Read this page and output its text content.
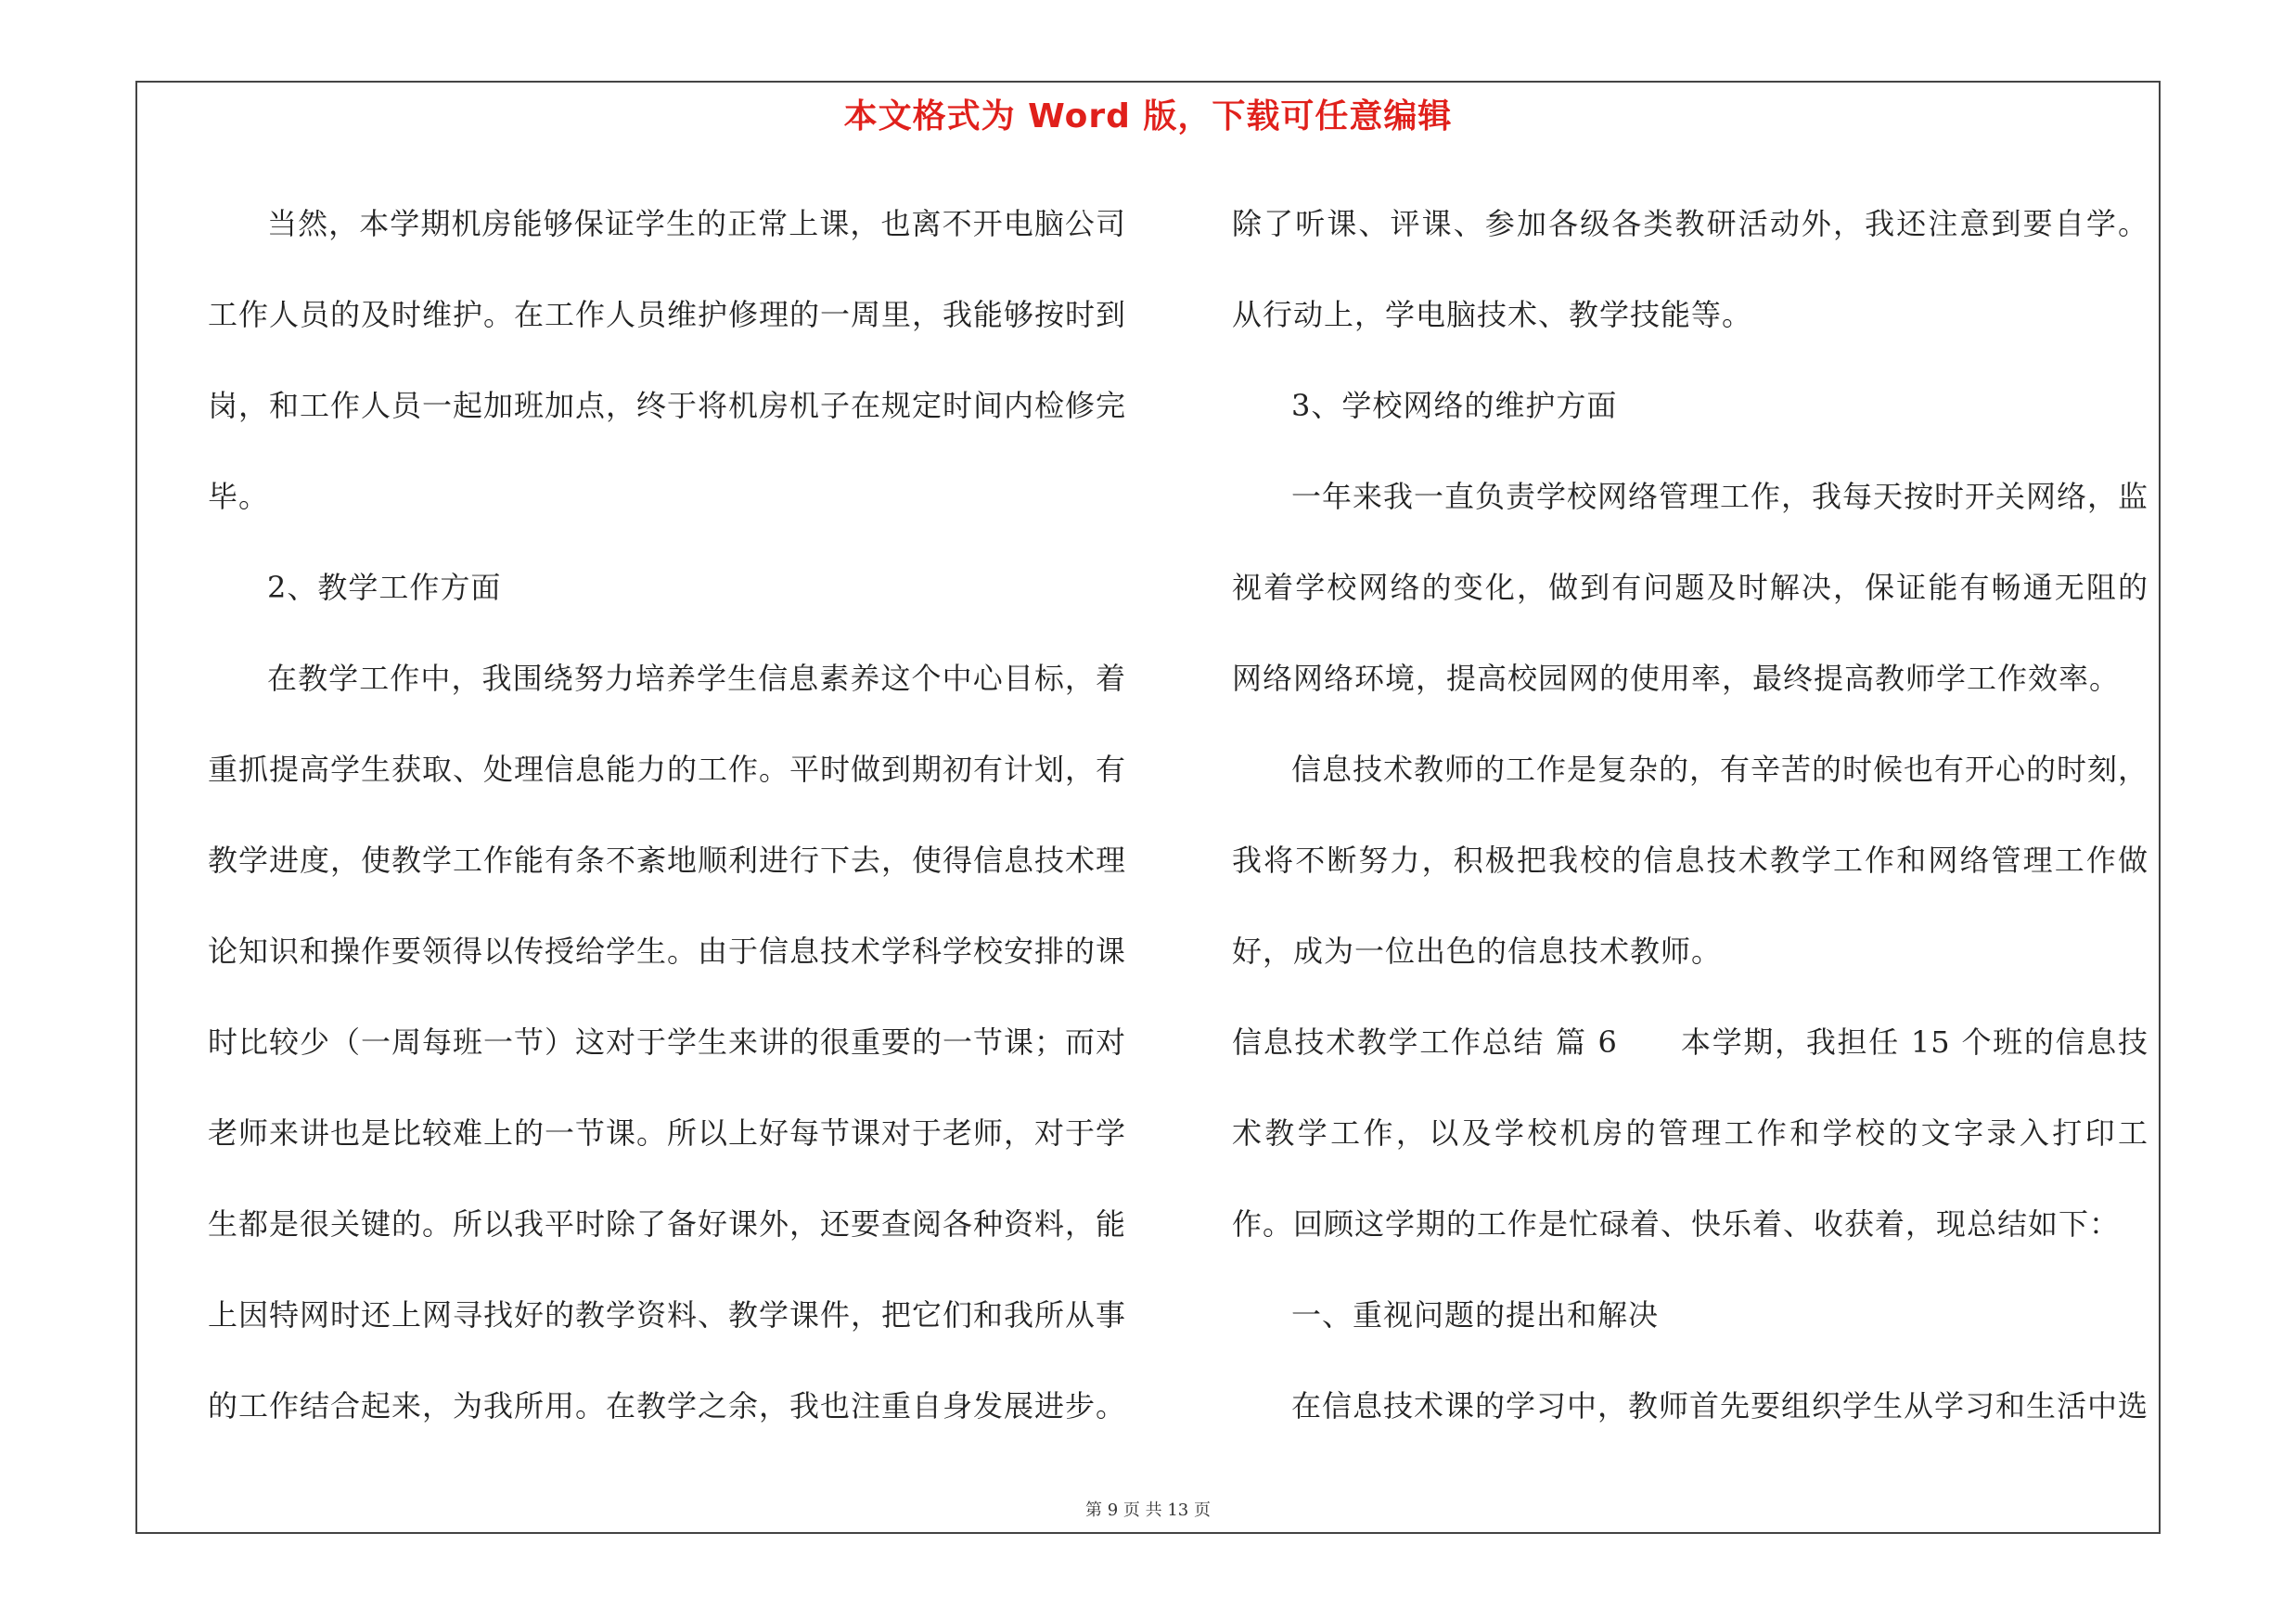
本文格式为 Word 版，下载可任意编辑

当然，本学期机房能够保证学生的正常上课，也离不开电脑公司工作人员的及时维护。在工作人员维护修理的一周里，我能够按时到岗，和工作人员一起加班加点，终于将机房机子在规定时间内检修完毕。

2、教学工作方面

在教学工作中，我围绕努力培养学生信息素养这个中心目标，着重抓提高学生获取、处理信息能力的工作。平时做到期初有计划，有教学进度，使教学工作能有条不紊地顺利进行下去，使得信息技术理论知识和操作要领得以传授给学生。由于信息技术学科学校安排的课时比较少（一周每班一节）这对于学生来讲的很重要的一节课；而对老师来讲也是比较难上的一节课。所以上好每节课对于老师，对于学生都是很关键的。所以我平时除了备好课外，还要查阅各种资料，能上因特网时还上网寻找好的教学资料、教学课件，把它们和我所从事的工作结合起来，为我所用。在教学之余，我也注重自身发展进步。

除了听课、评课、参加各级各类教研活动外，我还注意到要自学。从行动上，学电脑技术、教学技能等。

3、学校网络的维护方面

一年来我一直负责学校网络管理工作，我每天按时开关网络，监视着学校网络的变化，做到有问题及时解决，保证能有畅通无阻的网络网络环境，提高校园网的使用率，最终提高教师学工作效率。

信息技术教师的工作是复杂的，有辛苦的时候也有开心的时刻，我将不断努力，积极把我校的信息技术教学工作和网络管理工作做好，成为一位出色的信息技术教师。

信息技术教学工作总结 篇 6　　本学期，我担任 15 个班的信息技术教学工作，以及学校机房的管理工作和学校的文字录入打印工作。回顾这学期的工作是忙碌着、快乐着、收获着，现总结如下：

一、重视问题的提出和解决

在信息技术课的学习中，教师首先要组织学生从学习和生活中选

第 9 页 共 13 页
